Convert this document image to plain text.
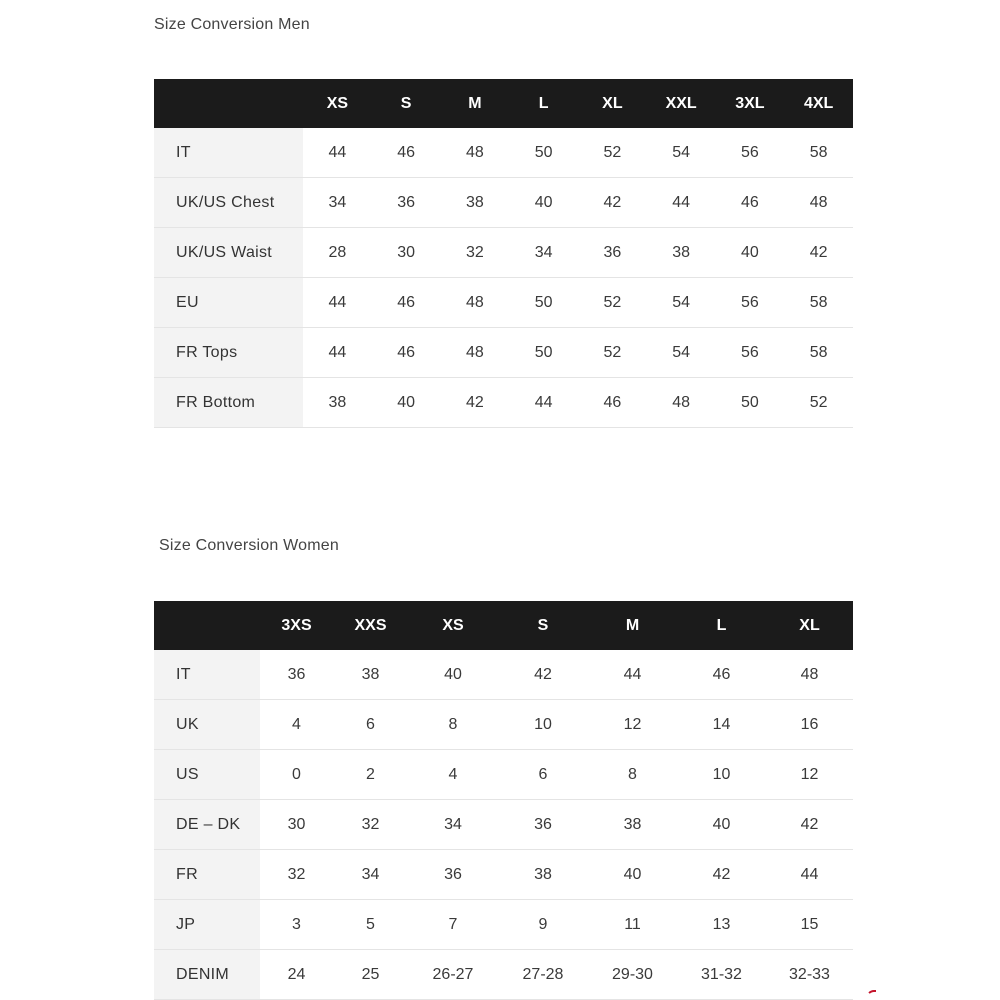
Size Conversion Men
	XS	S	M	L	XL	XXL	3XL	4XL
IT	44	46	48	50	52	54	56	58
UK/US Chest	34	36	38	40	42	44	46	48
UK/US Waist	28	30	32	34	36	38	40	42
EU	44	46	48	50	52	54	56	58
FR Tops	44	46	48	50	52	54	56	58
FR Bottom	38	40	42	44	46	48	50	52
Size Conversion Women
	3XS	XXS	XS	S	M	L	XL
IT	36	38	40	42	44	46	48
UK	4	6	8	10	12	14	16
US	0	2	4	6	8	10	12
DE – DK	30	32	34	36	38	40	42
FR	32	34	36	38	40	42	44
JP	3	5	7	9	11	13	15
DENIM	24	25	26-27	27-28	29-30	31-32	32-33
